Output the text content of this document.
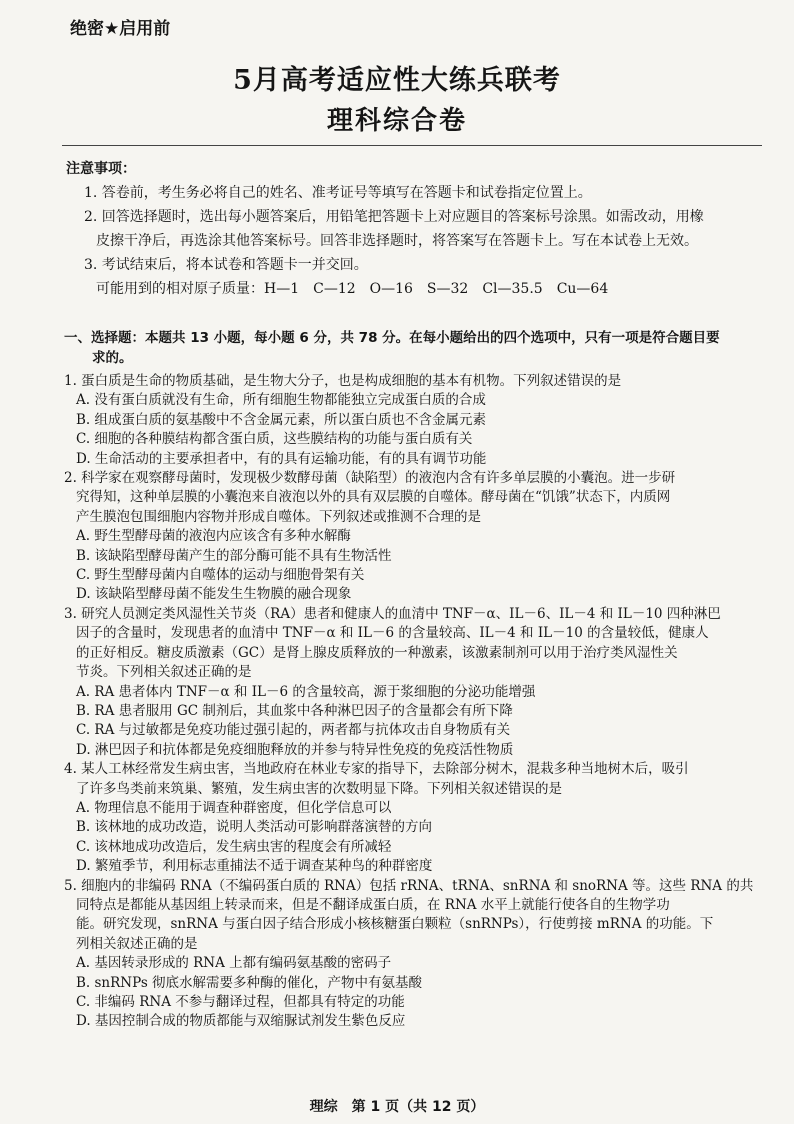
绝密★启用前
5月高考适应性大练兵联考
理科综合卷
注意事项：
1. 答卷前，考生务必将自己的姓名、准考证号等填写在答题卡和试卷指定位置上。
2. 回答选择题时，选出每小题答案后，用铅笔把答题卡上对应题目的答案标号涂黑。如需改动，用橡
皮擦干净后，再选涂其他答案标号。回答非选择题时，将答案写在答题卡上。写在本试卷上无效。
3. 考试结束后，将本试卷和答题卡一并交回。
可能用到的相对原子质量：H—1　C—12　O—16　S—32　Cl—35.5　Cu—64
一、选择题：本题共 13 小题，每小题 6 分，共 78 分。在每小题给出的四个选项中，只有一项是符合题目要
求的。
1. 蛋白质是生命的物质基础，是生物大分子，也是构成细胞的基本有机物。下列叙述错误的是
A. 没有蛋白质就没有生命，所有细胞生物都能独立完成蛋白质的合成
B. 组成蛋白质的氨基酸中不含金属元素，所以蛋白质也不含金属元素
C. 细胞的各种膜结构都含蛋白质，这些膜结构的功能与蛋白质有关
D. 生命活动的主要承担者中，有的具有运输功能，有的具有调节功能
2. 科学家在观察酵母菌时，发现极少数酵母菌（缺陷型）的液泡内含有许多单层膜的小囊泡。进一步研
究得知，这种单层膜的小囊泡来自液泡以外的具有双层膜的自噬体。酵母菌在“饥饿”状态下，内质网
产生膜泡包围细胞内容物并形成自噬体。下列叙述或推测不合理的是
A. 野生型酵母菌的液泡内应该含有多种水解酶
B. 该缺陷型酵母菌产生的部分酶可能不具有生物活性
C. 野生型酵母菌内自噬体的运动与细胞骨架有关
D. 该缺陷型酵母菌不能发生生物膜的融合现象
3. 研究人员测定类风湿性关节炎（RA）患者和健康人的血清中 TNF－α、IL－6、IL－4 和 IL－10 四种淋巴
因子的含量时，发现患者的血清中 TNF－α 和 IL－6 的含量较高、IL－4 和 IL－10 的含量较低，健康人
的正好相反。糖皮质激素（GC）是肾上腺皮质释放的一种激素，该激素制剂可以用于治疗类风湿性关
节炎。下列相关叙述正确的是
A. RA 患者体内 TNF－α 和 IL－6 的含量较高，源于浆细胞的分泌功能增强
B. RA 患者服用 GC 制剂后，其血浆中各种淋巴因子的含量都会有所下降
C. RA 与过敏都是免疫功能过强引起的，两者都与抗体攻击自身物质有关
D. 淋巴因子和抗体都是免疫细胞释放的并参与特异性免疫的免疫活性物质
4. 某人工林经常发生病虫害，当地政府在林业专家的指导下，去除部分树木，混栽多种当地树木后，吸引
了许多鸟类前来筑巢、繁殖，发生病虫害的次数明显下降。下列相关叙述错误的是
A. 物理信息不能用于调查种群密度，但化学信息可以
B. 该林地的成功改造，说明人类活动可影响群落演替的方向
C. 该林地成功改造后，发生病虫害的程度会有所减轻
D. 繁殖季节，利用标志重捕法不适于调查某种鸟的种群密度
5. 细胞内的非编码 RNA（不编码蛋白质的 RNA）包括 rRNA、tRNA、snRNA 和 snoRNA 等。这些 RNA 的共
同特点是都能从基因组上转录而来，但是不翻译成蛋白质，在 RNA 水平上就能行使各自的生物学功
能。研究发现，snRNA 与蛋白因子结合形成小核核糖蛋白颗粒（snRNPs），行使剪接 mRNA 的功能。下
列相关叙述正确的是
A. 基因转录形成的 RNA 上都有编码氨基酸的密码子
B. snRNPs 彻底水解需要多种酶的催化，产物中有氨基酸
C. 非编码 RNA 不参与翻译过程，但都具有特定的功能
D. 基因控制合成的物质都能与双缩脲试剂发生紫色反应
理综　第 1 页（共 12 页）
